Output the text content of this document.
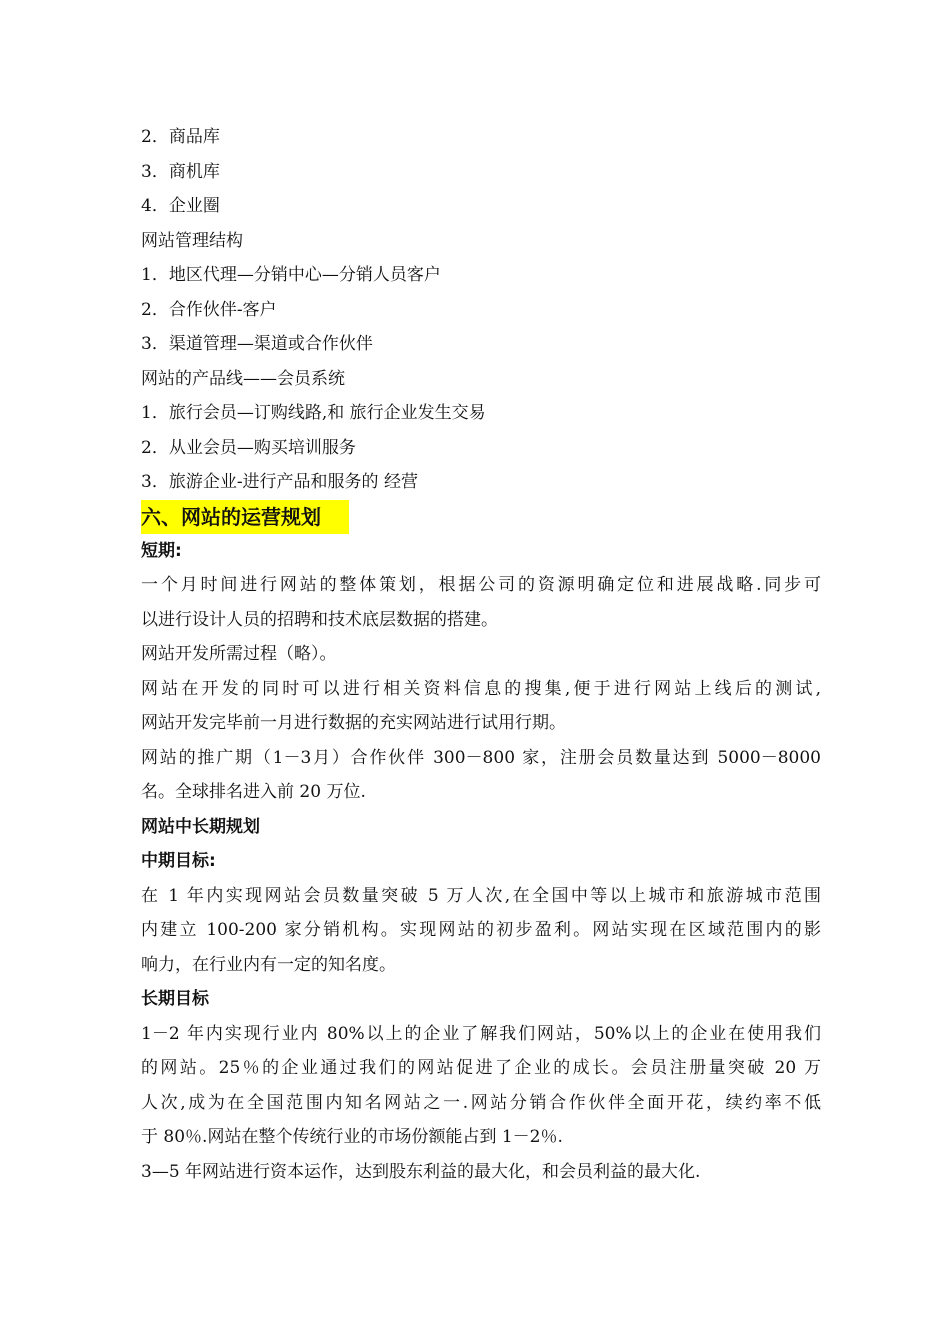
2．商品库
3．商机库
4．企业圈
网站管理结构
1．地区代理—分销中心—分销人员客户
2．合作伙伴-客户
3．渠道管理—渠道或合作伙伴
网站的产品线——会员系统
1．旅行会员—订购线路,和 旅行企业发生交易
2．从业会员—购买培训服务
3．旅游企业-进行产品和服务的 经营
六、网站的运营规划
短期:
一个月时间进行网站的整体策划，根据公司的资源明确定位和进展战略.同步可
以进行设计人员的招聘和技术底层数据的搭建。
网站开发所需过程（略）。
网站在开发的同时可以进行相关资料信息的搜集,便于进行网站上线后的测试,
网站开发完毕前一月进行数据的充实网站进行试用行期。
网站的推广期（1－3月）合作伙伴 300－800 家，注册会员数量达到 5000－8000
名。全球排名进入前 20 万位.
网站中长期规划
中期目标:
在 1 年内实现网站会员数量突破 5 万人次,在全国中等以上城市和旅游城市范围
内建立 100-200 家分销机构。实现网站的初步盈利。网站实现在区域范围内的影
响力，在行业内有一定的知名度。
长期目标
1－2 年内实现行业内 80%以上的企业了解我们网站，50%以上的企业在使用我们
的网站。25％的企业通过我们的网站促进了企业的成长。会员注册量突破 20 万
人次,成为在全国范围内知名网站之一.网站分销合作伙伴全面开花，续约率不低
于 80％.网站在整个传统行业的市场份额能占到 1－2％.
3—5 年网站进行资本运作，达到股东利益的最大化，和会员利益的最大化.
